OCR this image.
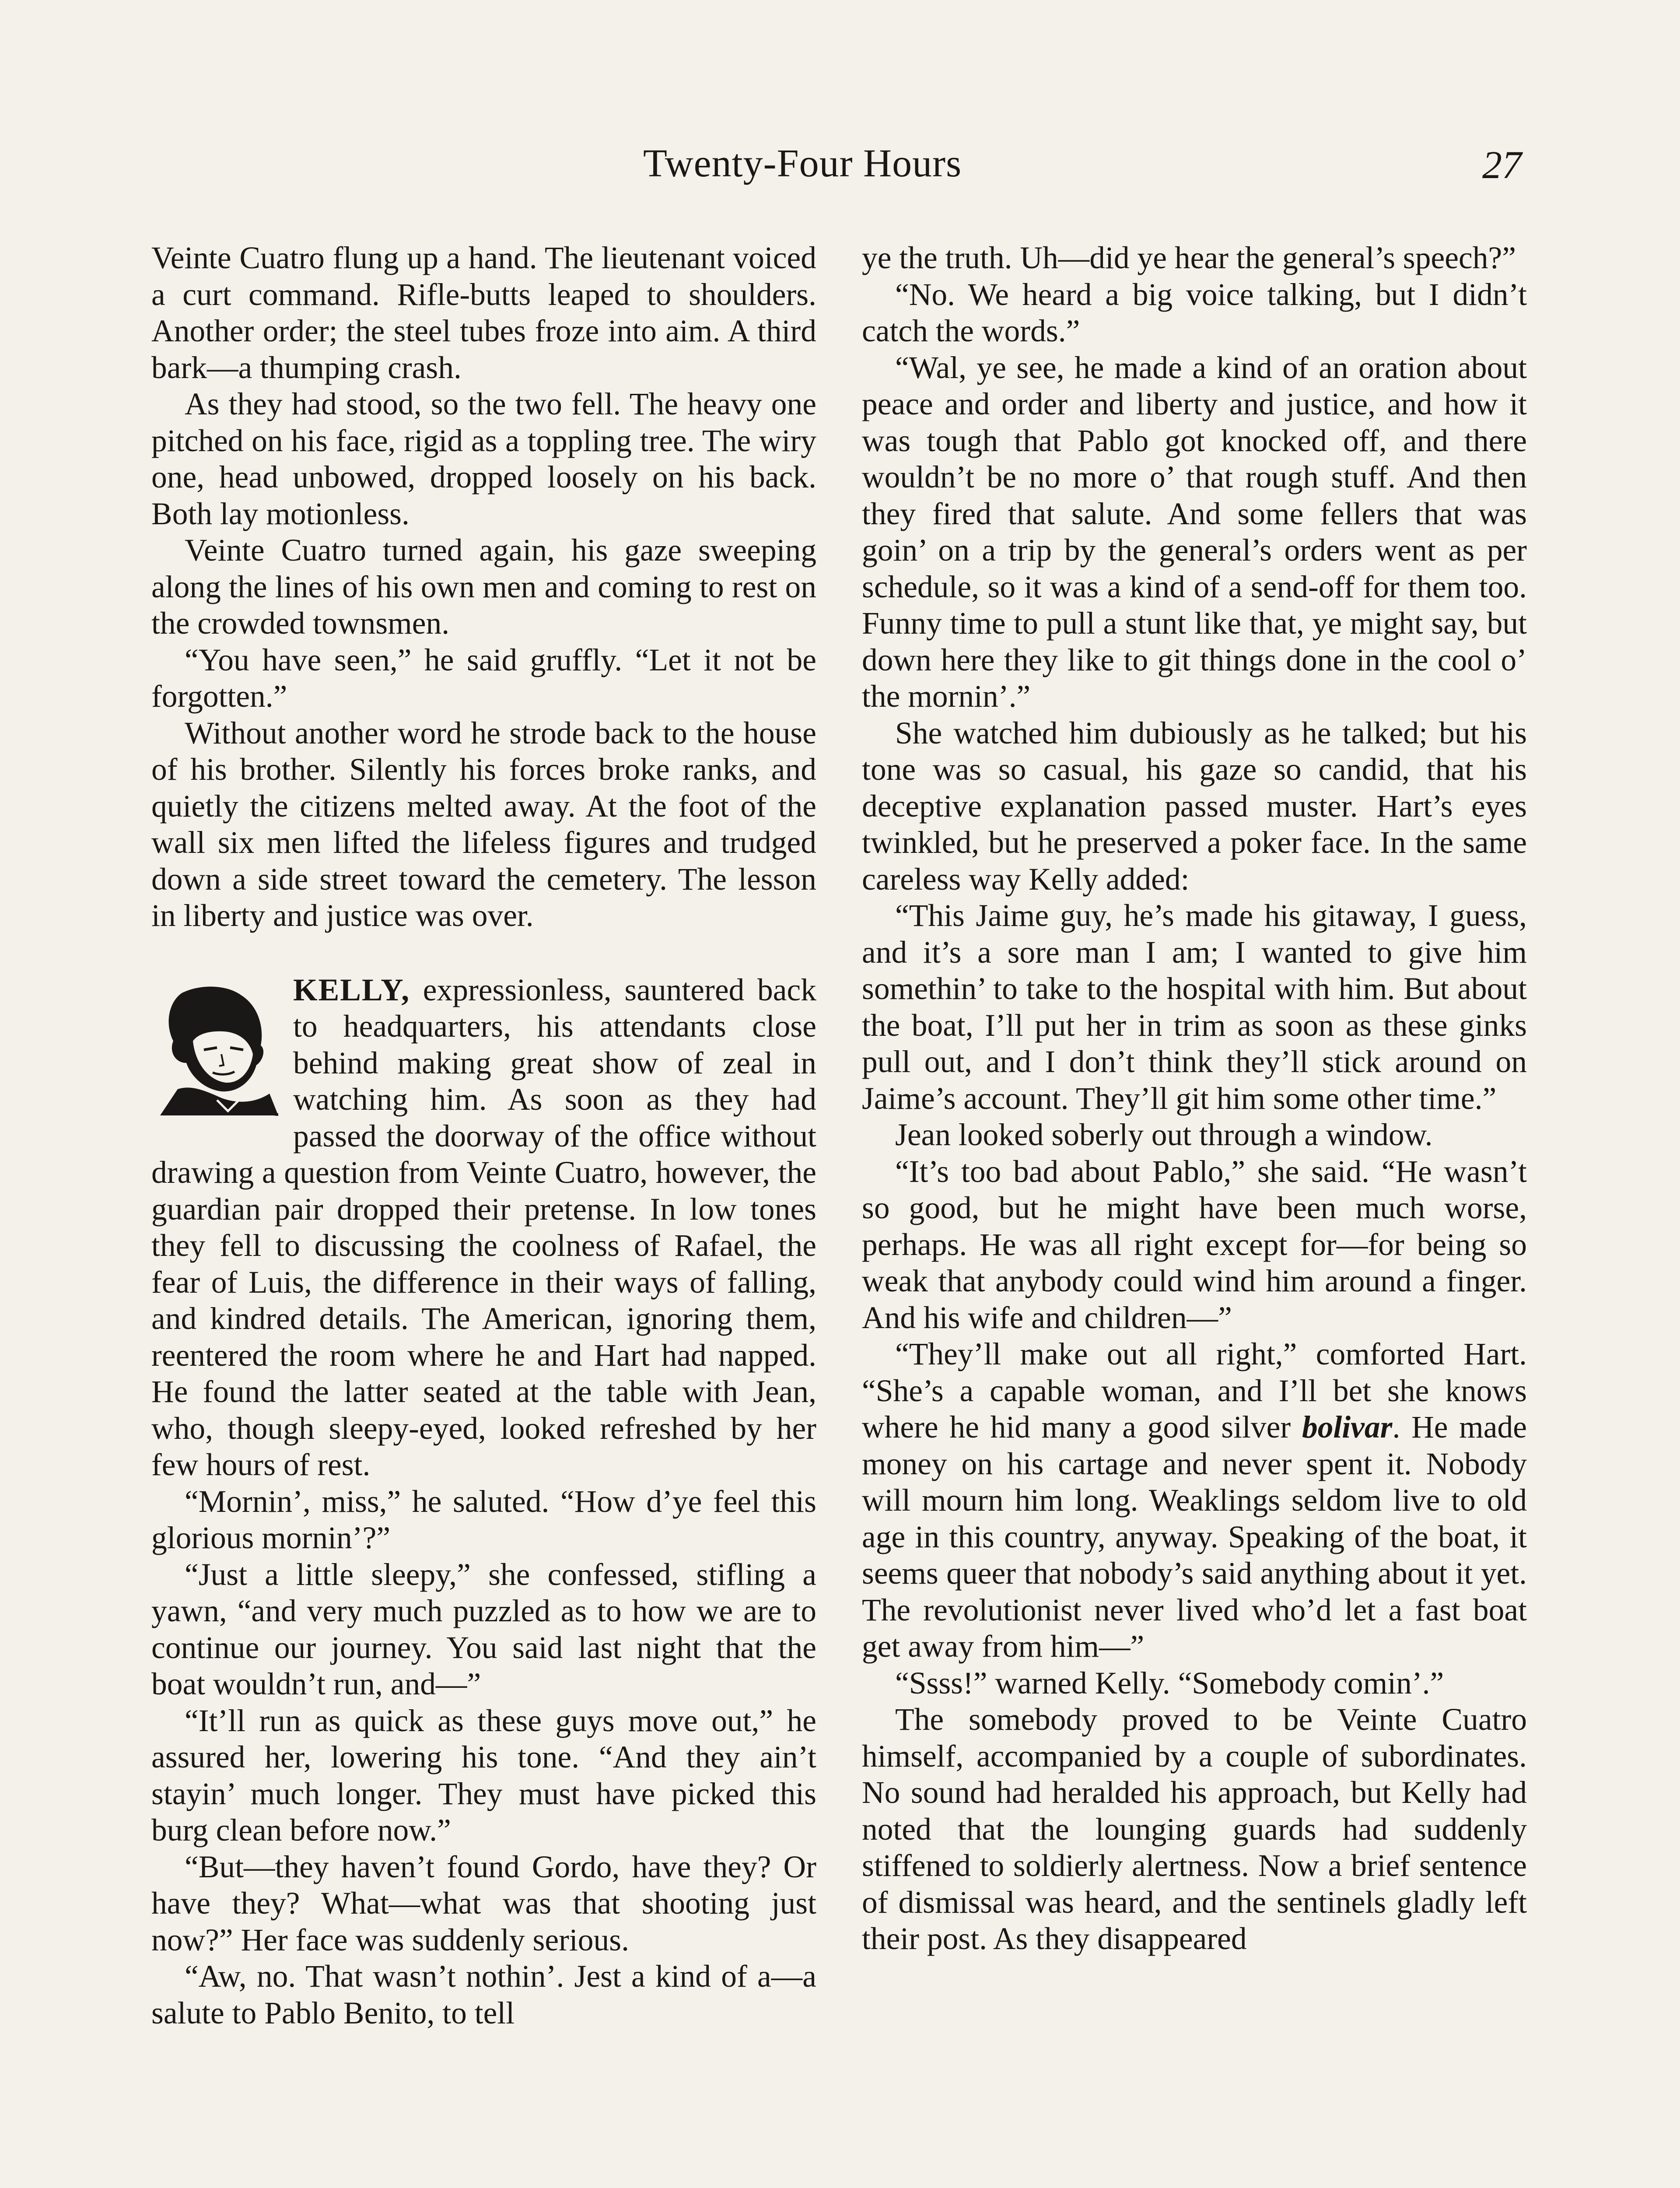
Twenty-Four Hours	27

Veinte Cuatro flung up a hand. The lieutenant voiced a curt command. Rifle-butts leaped to shoulders. Another order; the steel tubes froze into aim. A third bark—a thumping crash.

As they had stood, so the two fell. The heavy one pitched on his face, rigid as a toppling tree. The wiry one, head unbowed, dropped loosely on his back. Both lay motionless.

Veinte Cuatro turned again, his gaze sweeping along the lines of his own men and coming to rest on the crowded townsmen.

“You have seen,” he said gruffly. “Let it not be forgotten.”

Without another word he strode back to the house of his brother. Silently his forces broke ranks, and quietly the citizens melted away. At the foot of the wall six men lifted the lifeless figures and trudged down a side street toward the cemetery. The lesson in liberty and justice was over.

KELLY, expressionless, sauntered back to headquarters, his attendants close behind making great show of zeal in watching him. As soon as they had passed the doorway of the office without drawing a question from Veinte Cuatro, however, the guardian pair dropped their pretense. In low tones they fell to discussing the coolness of Rafael, the fear of Luis, the difference in their ways of falling, and kindred details. The American, ignoring them, reentered the room where he and Hart had napped. He found the latter seated at the table with Jean, who, though sleepy-eyed, looked refreshed by her few hours of rest.

“Mornin’, miss,” he saluted. “How d’ye feel this glorious mornin’?”

“Just a little sleepy,” she confessed, stifling a yawn, “and very much puzzled as to how we are to continue our journey. You said last night that the boat wouldn’t run, and—”

“It’ll run as quick as these guys move out,” he assured her, lowering his tone. “And they ain’t stayin’ much longer. They must have picked this burg clean before now.”

“But—they haven’t found Gordo, have they? Or have they? What—what was that shooting just now?” Her face was suddenly serious.

“Aw, no. That wasn’t nothin’. Jest a kind of a—a salute to Pablo Benito, to tell

ye the truth. Uh—did ye hear the general’s speech?”

“No. We heard a big voice talking, but I didn’t catch the words.”

“Wal, ye see, he made a kind of an oration about peace and order and liberty and justice, and how it was tough that Pablo got knocked off, and there wouldn’t be no more o’ that rough stuff. And then they fired that salute. And some fellers that was goin’ on a trip by the general’s orders went as per schedule, so it was a kind of a send-off for them too. Funny time to pull a stunt like that, ye might say, but down here they like to git things done in the cool o’ the mornin’.”

She watched him dubiously as he talked; but his tone was so casual, his gaze so candid, that his deceptive explanation passed muster. Hart’s eyes twinkled, but he preserved a poker face. In the same careless way Kelly added:

“This Jaime guy, he’s made his gitaway, I guess, and it’s a sore man I am; I wanted to give him somethin’ to take to the hospital with him. But about the boat, I’ll put her in trim as soon as these ginks pull out, and I don’t think they’ll stick around on Jaime’s account. They’ll git him some other time.”

Jean looked soberly out through a window.

“It’s too bad about Pablo,” she said. “He wasn’t so good, but he might have been much worse, perhaps. He was all right except for—for being so weak that anybody could wind him around a finger. And his wife and children—”

“They’ll make out all right,” comforted Hart. “She’s a capable woman, and I’ll bet she knows where he hid many a good silver bolivar. He made money on his cartage and never spent it. Nobody will mourn him long. Weaklings seldom live to old age in this country, anyway. Speaking of the boat, it seems queer that nobody’s said anything about it yet. The revolutionist never lived who’d let a fast boat get away from him—”

“Ssss!” warned Kelly. “Somebody comin’.”

The somebody proved to be Veinte Cuatro himself, accompanied by a couple of subordinates. No sound had heralded his approach, but Kelly had noted that the lounging guards had suddenly stiffened to soldierly alertness. Now a brief sentence of dismissal was heard, and the sentinels gladly left their post. As they disappeared
